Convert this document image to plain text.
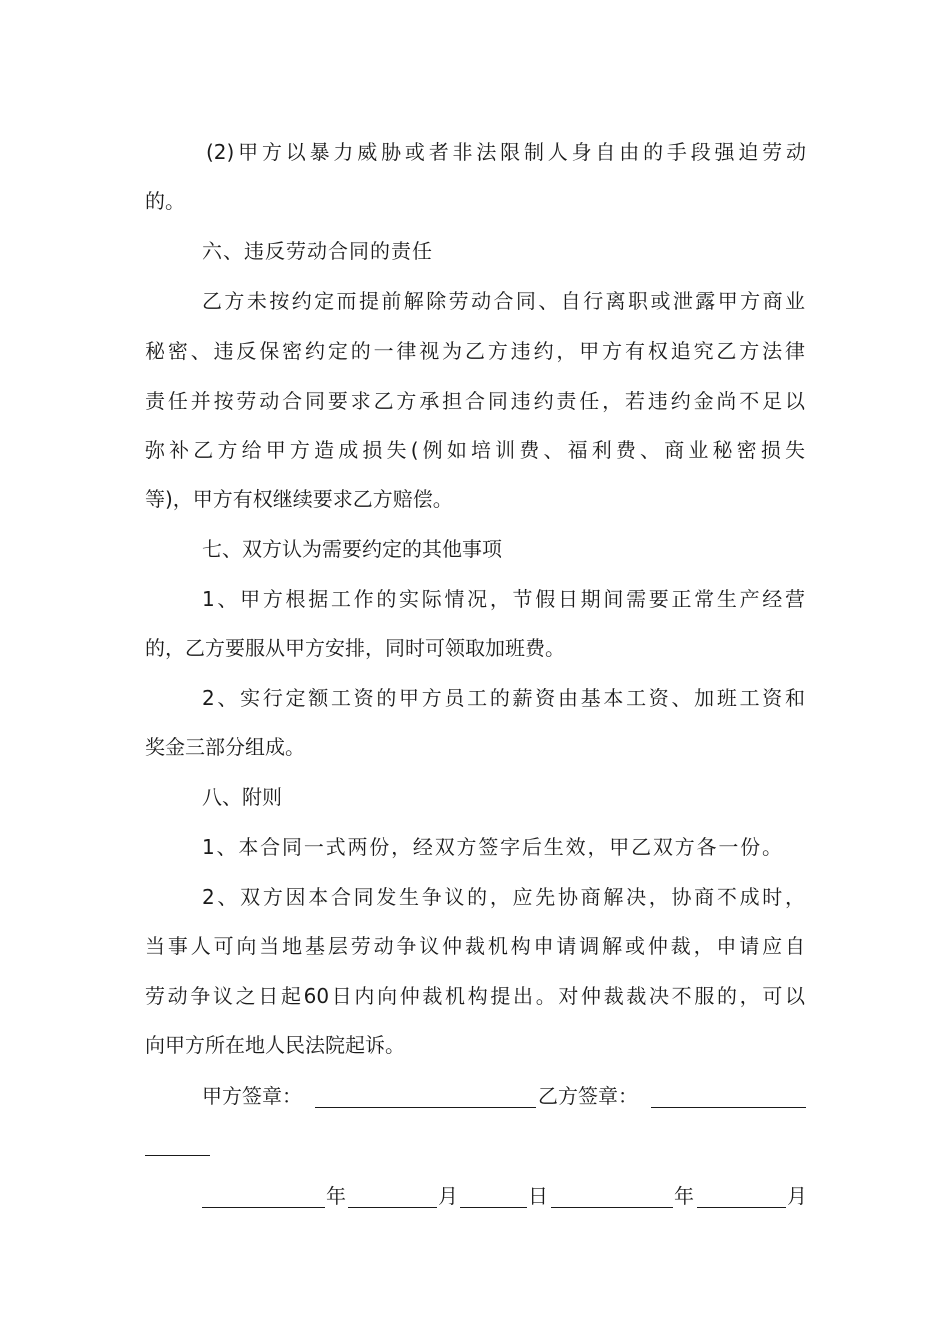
(2)甲方以暴力威胁或者非法限制人身自由的手段强迫劳动
的。
六、违反劳动合同的责任
乙方未按约定而提前解除劳动合同、自行离职或泄露甲方商业
秘密、违反保密约定的一律视为乙方违约，甲方有权追究乙方法律
责任并按劳动合同要求乙方承担合同违约责任，若违约金尚不足以
弥补乙方给甲方造成损失(例如培训费、福利费、商业秘密损失
等)，甲方有权继续要求乙方赔偿。
七、双方认为需要约定的其他事项
1、甲方根据工作的实际情况，节假日期间需要正常生产经营
的，乙方要服从甲方安排，同时可领取加班费。
2、实行定额工资的甲方员工的薪资由基本工资、加班工资和
奖金三部分组成。
八、附则
1、本合同一式两份，经双方签字后生效，甲乙双方各一份。
2、双方因本合同发生争议的，应先协商解决，协商不成时，
当事人可向当地基层劳动争议仲裁机构申请调解或仲裁，申请应自
劳动争议之日起60日内向仲裁机构提出。对仲裁裁决不服的，可以
向甲方所在地人民法院起诉。
甲方签章：	乙方签章：
年	月	日	年	月
